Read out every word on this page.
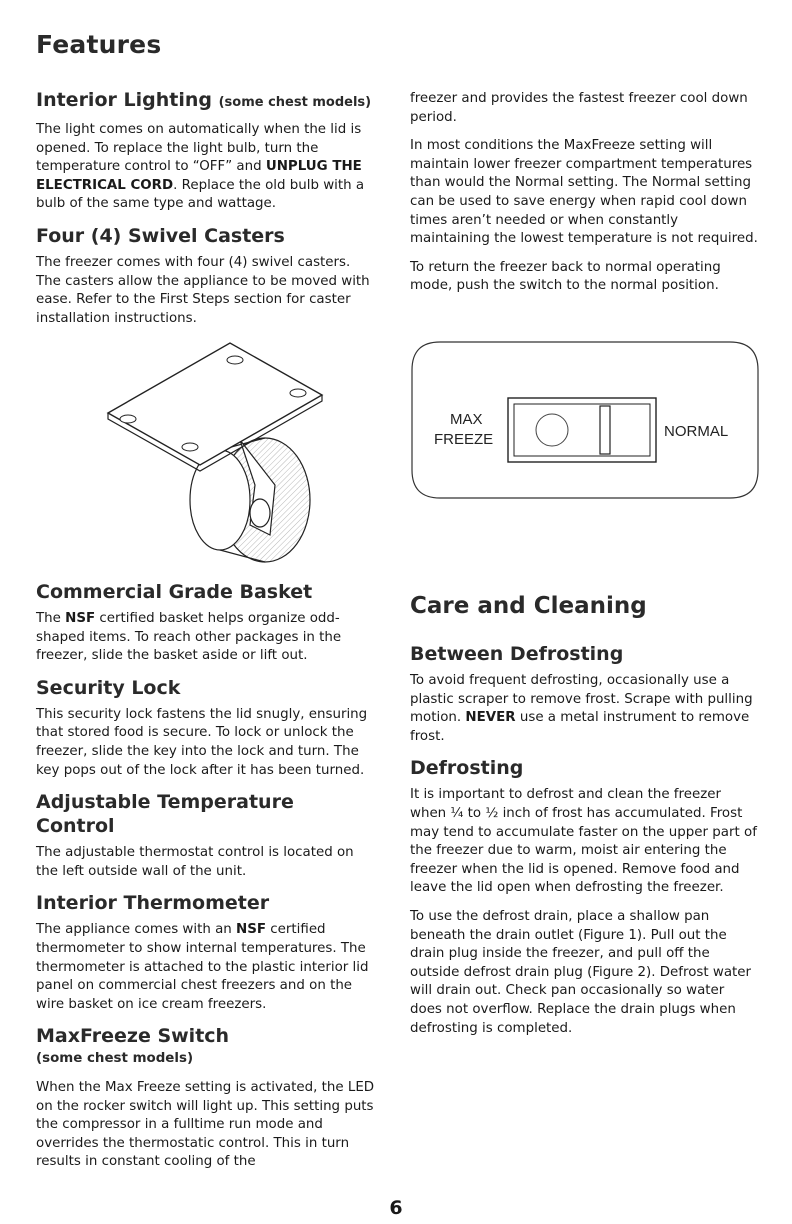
Features
Interior Lighting (some chest models)

The light comes on automatically when the lid is opened. To replace the light bulb, turn the temperature control to “OFF” and UNPLUG THE ELECTRICAL CORD. Replace the old bulb with a bulb of the same type and wattage.

Four (4) Swivel Casters

The freezer comes with four (4) swivel casters. The casters allow the appliance to be moved with ease. Refer to the First Steps section for caster installation instructions.

freezer and provides the fastest freezer cool down period.

In most conditions the MaxFreeze setting will maintain lower freezer compartment temperatures than would the Normal setting. The Normal setting can be used to save energy when rapid cool down times aren’t needed or when constantly maintaining the lowest temperature is not required.

To return the freezer back to normal operating mode, push the switch to the normal position.

MAX
FREEZE	NORMAL
Commercial Grade Basket

The NSF certified basket helps organize odd-shaped items. To reach other packages in the freezer, slide the basket aside or lift out.

Security Lock

This security lock fastens the lid snugly, ensuring that stored food is secure. To lock or unlock the freezer, slide the key into the lock and turn. The key pops out of the lock after it has been turned.

Adjustable Temperature Control

The adjustable thermostat control is located on the left outside wall of the unit.

Interior Thermometer

The appliance comes with an NSF certified thermometer to show internal temperatures. The thermometer is attached to the plastic interior lid panel on commercial chest freezers and on the wire basket on ice cream freezers.

MaxFreeze Switch
(some chest models)

When the Max Freeze setting is activated, the LED on the rocker switch will light up. This setting puts the compressor in a fulltime run mode and overrides the thermostatic control. This in turn results in constant cooling of the

Care and Cleaning
Between Defrosting

To avoid frequent defrosting, occasionally use a plastic scraper to remove frost. Scrape with pulling motion. NEVER use a metal instrument to remove frost.

Defrosting

It is important to defrost and clean the freezer when ¼ to ½ inch of frost has accumulated. Frost may tend to accumulate faster on the upper part of the freezer due to warm, moist air entering the freezer when the lid is opened. Remove food and leave the lid open when defrosting the freezer.

To use the defrost drain, place a shallow pan beneath the drain outlet (Figure 1). Pull out the drain plug inside the freezer, and pull off the outside defrost drain plug (Figure 2). Defrost water will drain out. Check pan occasionally so water does not overflow. Replace the drain plugs when defrosting is completed.

6
